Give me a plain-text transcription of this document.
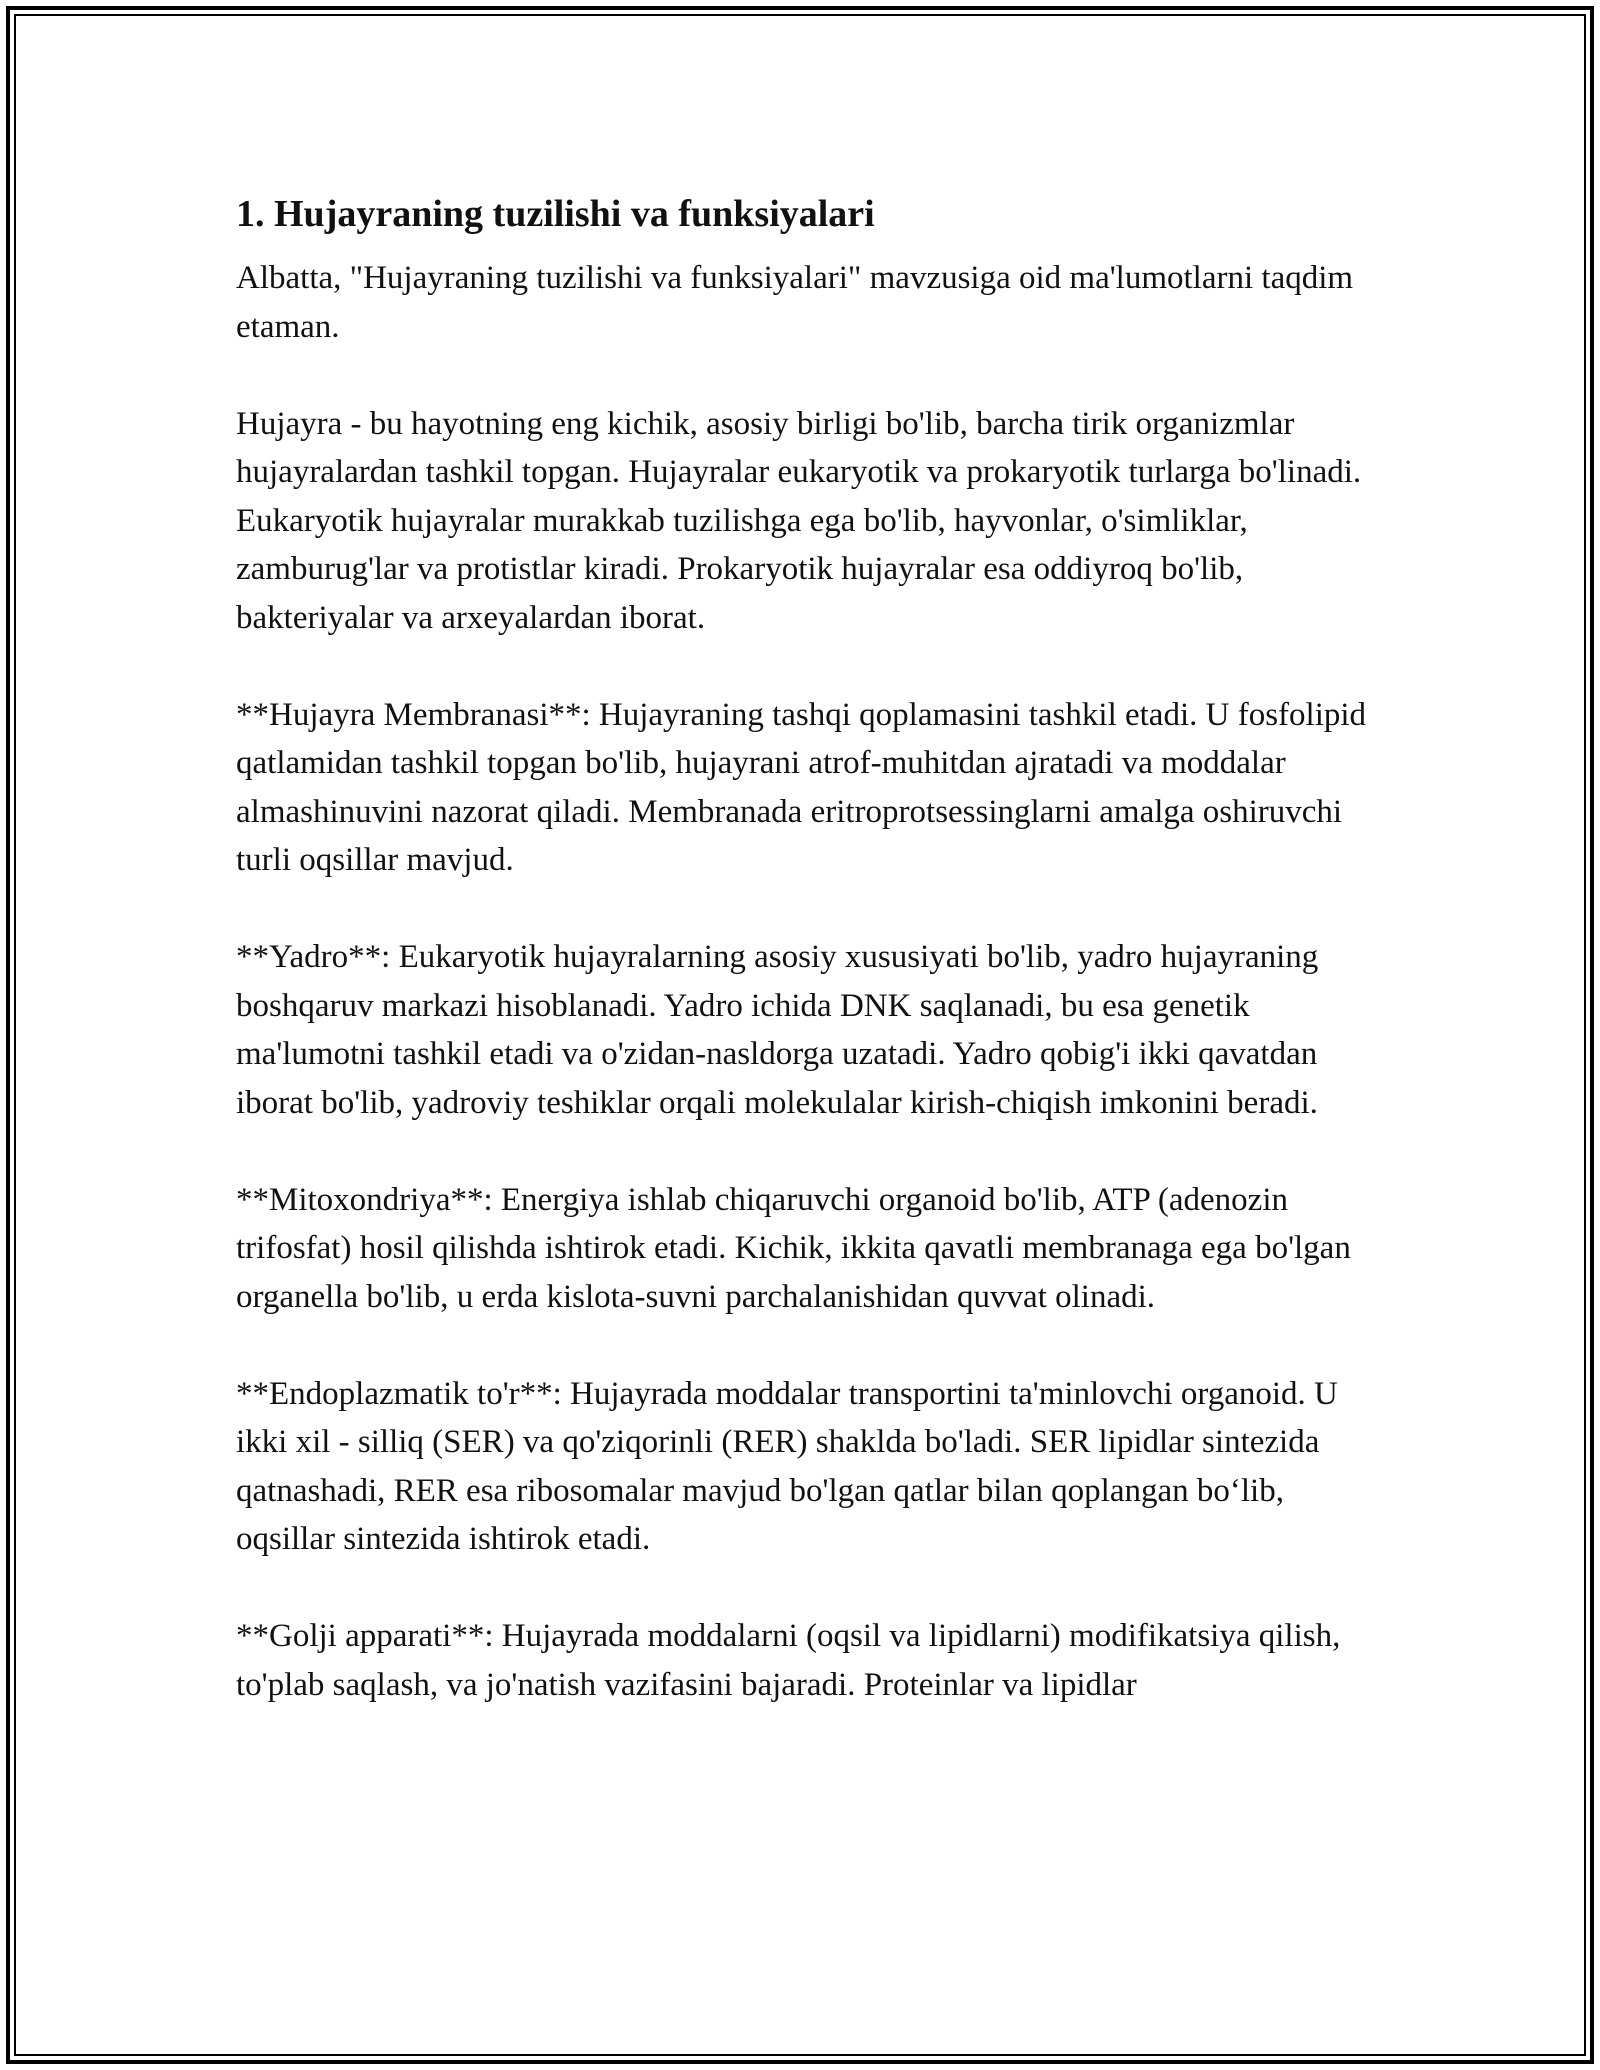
1. Hujayraning tuzilishi va funksiyalari

Albatta, "Hujayraning tuzilishi va funksiyalari" mavzusiga oid ma'lumotlarni taqdim etaman.

Hujayra - bu hayotning eng kichik, asosiy birligi bo'lib, barcha tirik organizmlar hujayralardan tashkil topgan. Hujayralar eukaryotik va prokaryotik turlarga bo'linadi. Eukaryotik hujayralar murakkab tuzilishga ega bo'lib, hayvonlar, o'simliklar, zamburug'lar va protistlar kiradi. Prokaryotik hujayralar esa oddiyroq bo'lib, bakteriyalar va arxeyalardan iborat.

**Hujayra Membranasi**: Hujayraning tashqi qoplamasini tashkil etadi. U fosfolipid qatlamidan tashkil topgan bo'lib, hujayrani atrof-muhitdan ajratadi va moddalar almashinuvini nazorat qiladi. Membranada eritroprotsessinglarni amalga oshiruvchi turli oqsillar mavjud.

**Yadro**: Eukaryotik hujayralarning asosiy xususiyati bo'lib, yadro hujayraning boshqaruv markazi hisoblanadi. Yadro ichida DNK saqlanadi, bu esa genetik ma'lumotni tashkil etadi va o'zidan-nasldorga uzatadi. Yadro qobig'i ikki qavatdan iborat bo'lib, yadroviy teshiklar orqali molekulalar kirish-chiqish imkonini beradi.

**Mitoxondriya**: Energiya ishlab chiqaruvchi organoid bo'lib, ATP (adenozin trifosfat) hosil qilishda ishtirok etadi. Kichik, ikkita qavatli membranaga ega bo'lgan organella bo'lib, u erda kislota-suvni parchalanishidan quvvat olinadi.

**Endoplazmatik to'r**: Hujayrada moddalar transportini ta'minlovchi organoid. U ikki xil - silliq (SER) va qo'ziqorinli (RER) shaklda bo'ladi. SER lipidlar sintezida qatnashadi, RER esa ribosomalar mavjud bo'lgan qatlar bilan qoplangan bo‘lib, oqsillar sintezida ishtirok etadi.

**Golji apparati**: Hujayrada moddalarni (oqsil va lipidlarni) modifikatsiya qilish, to'plab saqlash, va jo'natish vazifasini bajaradi. Proteinlar va lipidlar
